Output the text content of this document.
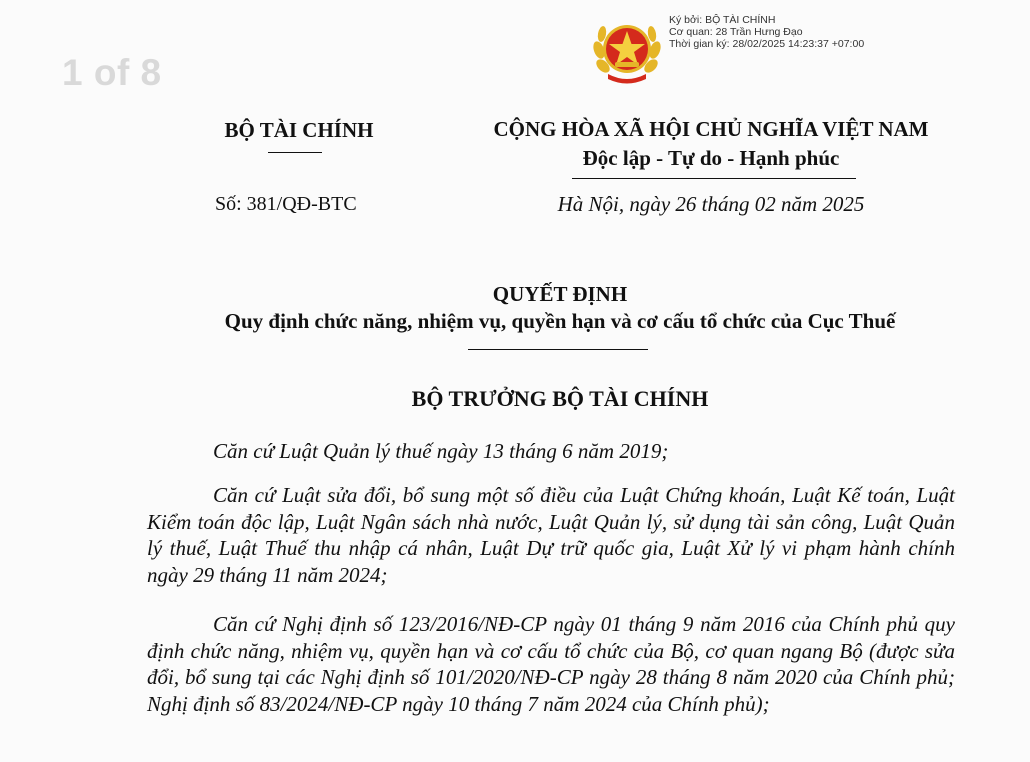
1 of 8
Ký bởi: BỘ TÀI CHÍNH
Cơ quan: 28 Trần Hưng Đạo
Thời gian ký: 28/02/2025 14:23:37 +07:00
BỘ TÀI CHÍNH
Số: 381/QĐ-BTC
CỘNG HÒA XÃ HỘI CHỦ NGHĨA VIỆT NAM
Độc lập - Tự do - Hạnh phúc
Hà Nội, ngày 26 tháng 02 năm 2025
QUYẾT ĐỊNH
Quy định chức năng, nhiệm vụ, quyền hạn và cơ cấu tổ chức của Cục Thuế
BỘ TRƯỞNG BỘ TÀI CHÍNH

Căn cứ Luật Quản lý thuế ngày 13 tháng 6 năm 2019;

Căn cứ Luật sửa đổi, bổ sung một số điều của Luật Chứng khoán, Luật Kế toán, Luật Kiểm toán độc lập, Luật Ngân sách nhà nước, Luật Quản lý, sử dụng tài sản công, Luật Quản lý thuế, Luật Thuế thu nhập cá nhân, Luật Dự trữ quốc gia, Luật Xử lý vi phạm hành chính ngày 29 tháng 11 năm 2024;

Căn cứ Nghị định số 123/2016/NĐ-CP ngày 01 tháng 9 năm 2016 của Chính phủ quy định chức năng, nhiệm vụ, quyền hạn và cơ cấu tổ chức của Bộ, cơ quan ngang Bộ (được sửa đổi, bổ sung tại các Nghị định số 101/2020/NĐ-CP ngày 28 tháng 8 năm 2020 của Chính phủ; Nghị định số 83/2024/NĐ-CP ngày 10 tháng 7 năm 2024 của Chính phủ);
